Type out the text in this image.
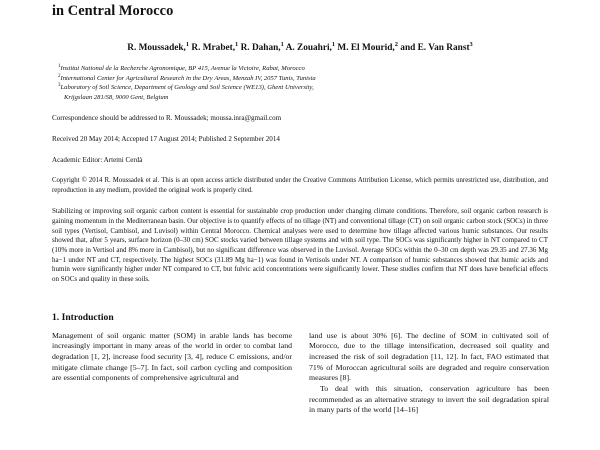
in Central Morocco
R. Moussadek,$^1$ R. Mrabet,$^1$ R. Dahan,$^1$ A. Zouahri,$^1$ M. El Mourid,$^2$ and E. Van Ranst$^3$
$^1$Institut National de la Recherche Agronomique, BP 415, Avenue la Victoire, Rabat, Morocco
$^2$International Center for Agricultural Research in the Dry Areas, Menzah IV, 2057 Tunis, Tunisia
$^3$Laboratory of Soil Science, Department of Geology and Soil Science (WE13), Ghent University,
Krijgslaan 281/S8, 9000 Gent, Belgium
Correspondence should be addressed to R. Moussadek; moussa.inra@gmail.com
Received 20 May 2014; Accepted 17 August 2014; Published 2 September 2014
Academic Editor: Artemi Cerdà
Copyright © 2014 R. Moussadek et al. This is an open access article distributed under the Creative Commons Attribution License, which permits unrestricted use, distribution, and reproduction in any medium, provided the original work is properly cited.
Stabilizing or improving soil organic carbon content is essential for sustainable crop production under changing climate conditions. Therefore, soil organic carbon research is gaining momentum in the Mediterranean basin. Our objective is to quantify effects of no tillage (NT) and conventional tillage (CT) on soil organic carbon stock (SOCs) in three soil types (Vertisol, Cambisol, and Luvisol) within Central Morocco. Chemical analyses were used to determine how tillage affected various humic substances. Our results showed that, after 5 years, surface horizon (0–30 cm) SOC stocks varied between tillage systems and with soil type. The SOCs was significantly higher in NT compared to CT (10% more in Vertisol and 8% more in Cambisol), but no significant difference was observed in the Luvisol. Average SOCs within the 0–30 cm depth was 29.35 and 27.36 Mg ha−1 under NT and CT, respectively. The highest SOCs (31.89 Mg ha−1) was found in Vertisols under NT. A comparison of humic substances showed that humic acids and humin were significantly higher under NT compared to CT, but fulvic acid concentrations were significantly lower. These studies confirm that NT does have beneficial effects on SOCs and quality in these soils.
1. Introduction

Management of soil organic matter (SOM) in arable lands has become increasingly important in many areas of the world in order to combat land degradation [1, 2], increase food security [3, 4], reduce C emissions, and/or mitigate climate change [5–7]. In fact, soil carbon cycling and composition are essential components of comprehensive agricultural and

land use is about 30% [6]. The decline of SOM in cultivated soil of Morocco, due to the tillage intensification, decreased soil quality and increased the risk of soil degradation [11, 12]. In fact, FAO estimated that 71% of Moroccan agricultural soils are degraded and require conservation measures [8].

To deal with this situation, conservation agriculture has been recommended as an alternative strategy to invert the soil degradation spiral in many parts of the world [14–16]
